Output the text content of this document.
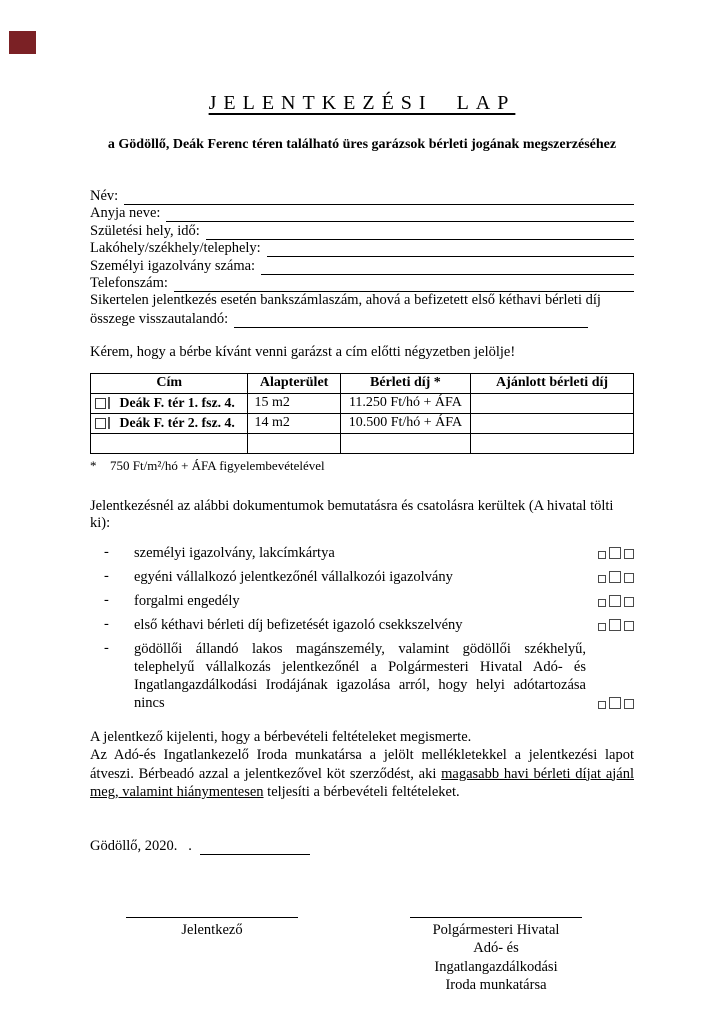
JELENTKEZÉSI LAP
a Gödöllő, Deák Ferenc téren található üres garázsok bérleti jogának megszerzéséhez
Név:
Anyja neve:
Születési hely, idő:
Lakóhely/székhely/telephely:
Személyi igazolvány száma:
Telefonszám:
Sikertelen jelentkezés esetén bankszámlaszám, ahová a befizetett első kéthavi bérleti díj
összege visszautalandó:
Kérem, hogy a bérbe kívánt venni garázst a cím előtti négyzetben jelölje!
Cím	Alapterület	Bérleti díj *	Ajánlott bérleti díj

Deák F. tér 1. fsz. 4.	15 m2	11.250 Ft/hó + ÁFA	

Deák F. tér 2. fsz. 4.	14 m2	10.500 Ft/hó + ÁFA	

* 750 Ft/m²/hó + ÁFA figyelembevételével
Jelentkezésnél az alábbi dokumentumok bemutatásra és csatolásra kerültek (A hivatal tölti ki):
-
személyi igazolvány, lakcímkártya
-
egyéni vállalkozó jelentkezőnél vállalkozói igazolvány
-
forgalmi engedély
-
első kéthavi bérleti díj befizetését igazoló csekkszelvény
-
gödöllői állandó lakos magánszemély, valamint gödöllői székhelyű, telephelyű vállalkozás jelentkezőnél a Polgármesteri Hivatal Adó- és Ingatlangazdálkodási Irodájának igazolása arról, hogy helyi adótartozása nincs
A jelentkező kijelenti, hogy a bérbevételi feltételeket megismerte.
Az Adó-és Ingatlankezelő Iroda munkatársa a jelölt mellékletekkel a jelentkezési lapot átveszi. Bérbeadó azzal a jelentkezővel köt szerződést, aki magasabb havi bérleti díjat ajánl meg, valamint hiánymentesen teljesíti a bérbevételi feltételeket.
Gödöllő, 2020.   .
Jelentkező	Polgármesteri Hivatal
Adó- és Ingatlangazdálkodási
Iroda munkatársa
